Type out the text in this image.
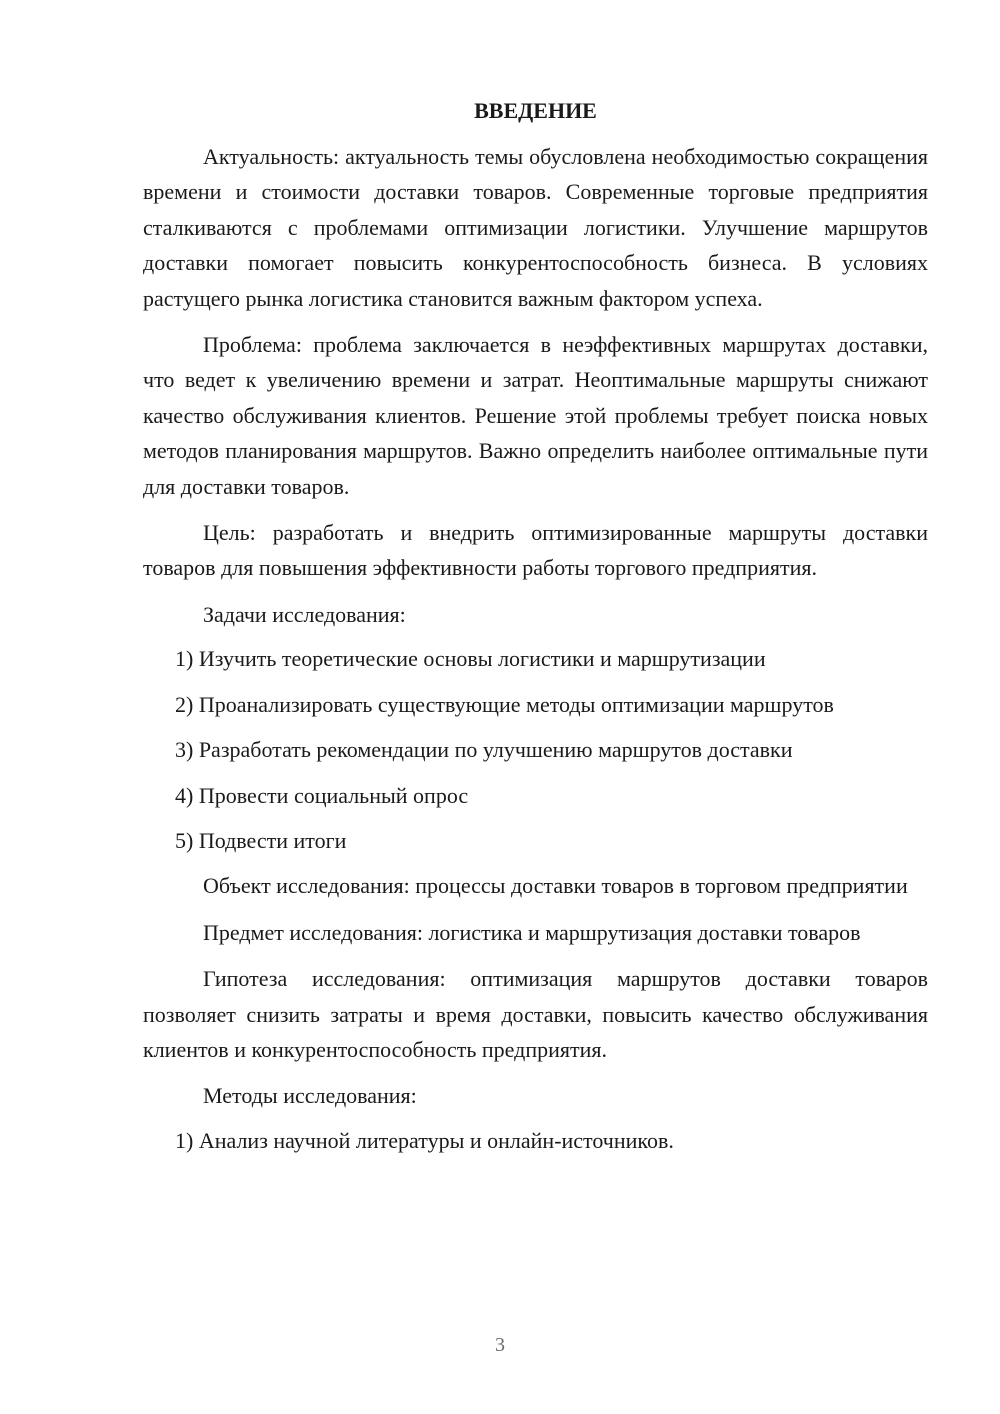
ВВЕДЕНИЕ

Актуальность: актуальность темы обусловлена необходимостью сокращения времени и стоимости доставки товаров. Современные торговые предприятия сталкиваются с проблемами оптимизации логистики. Улучшение маршрутов доставки помогает повысить конкурентоспособность бизнеса. В условиях растущего рынка логистика становится важным фактором успеха.

Проблема: проблема заключается в неэффективных маршрутах доставки, что ведет к увеличению времени и затрат. Неоптимальные маршруты снижают качество обслуживания клиентов. Решение этой проблемы требует поиска новых методов планирования маршрутов. Важно определить наиболее оптимальные пути для доставки товаров.

Цель: разработать и внедрить оптимизированные маршруты доставки товаров для повышения эффективности работы торгового предприятия.

Задачи исследования:

1) Изучить теоретические основы логистики и маршрутизации

2) Проанализировать существующие методы оптимизации маршрутов

3) Разработать рекомендации по улучшению маршрутов доставки

4) Провести социальный опрос

5) Подвести итоги

Объект исследования: процессы доставки товаров в торговом предприятии

Предмет исследования: логистика и маршрутизация доставки товаров

Гипотеза исследования: оптимизация маршрутов доставки товаров позволяет снизить затраты и время доставки, повысить качество обслуживания клиентов и конкурентоспособность предприятия.

Методы исследования:

1) Анализ научной литературы и онлайн-источников.

3
